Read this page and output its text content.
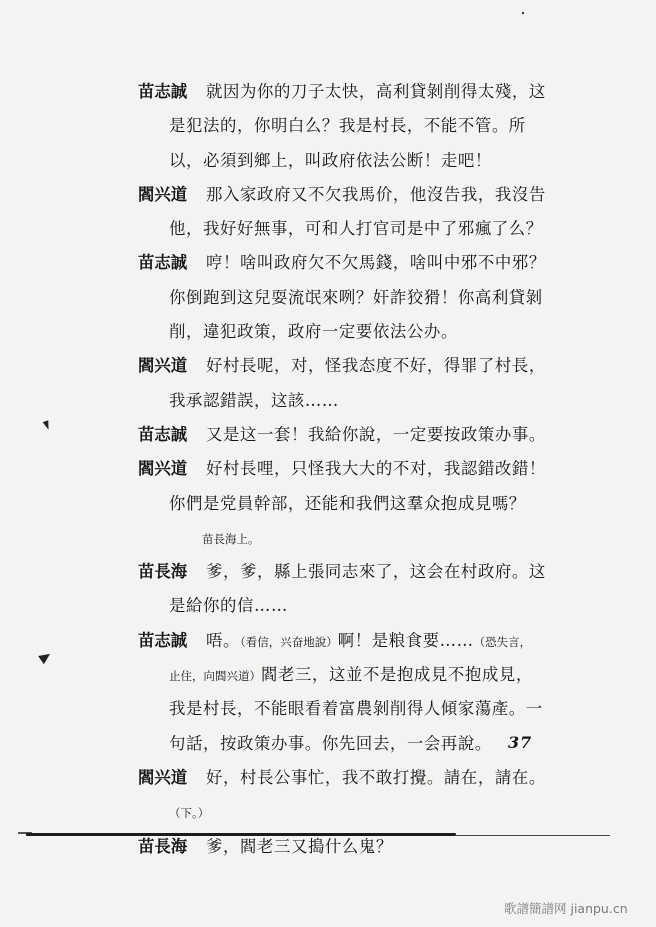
苗志誠 就因为你的刀子太快，高利貸剝削得太殘，这
是犯法的，你明白么？我是村長，不能不管。所
以，必須到鄉上，叫政府依法公断！走吧！
閻兴道 那入家政府又不欠我馬价，他沒告我，我沒告
他，我好好無事，可和人打官司是中了邪瘋了么？
苗志誠 哼！啥叫政府欠不欠馬錢，啥叫中邪不中邪？
你倒跑到这兒耍流氓來咧？奸詐狡猾！你高利貸剝
削，違犯政策，政府一定要依法公办。
閻兴道 好村長呢，对，怪我态度不好，得罪了村長，
我承認錯誤，这該……
苗志誠 又是这一套！我給你說，一定要按政策办事。
閻兴道 好村長哩，只怪我大大的不对，我認錯改錯！
你們是党員幹部，还能和我們这羣众抱成見嗎？
苗長海上。
苗長海 爹，爹，縣上張同志來了，这会在村政府。这
是給你的信……
苗志誠 唔。（看信，兴奋地說）啊！是粮食要……（恐失言，
止住，向閻兴道）閻老三，这並不是抱成見不抱成見，
我是村長，不能眼看着富農剝削得人傾家蕩產。一
句話，按政策办事。你先回去，一会再說。
閻兴道 好，村長公事忙，我不敢打攪。請在，請在。
（下。）
苗長海 爹，閻老三又搗什么鬼？
37
歌譜簡譜网 jianpu.cn
